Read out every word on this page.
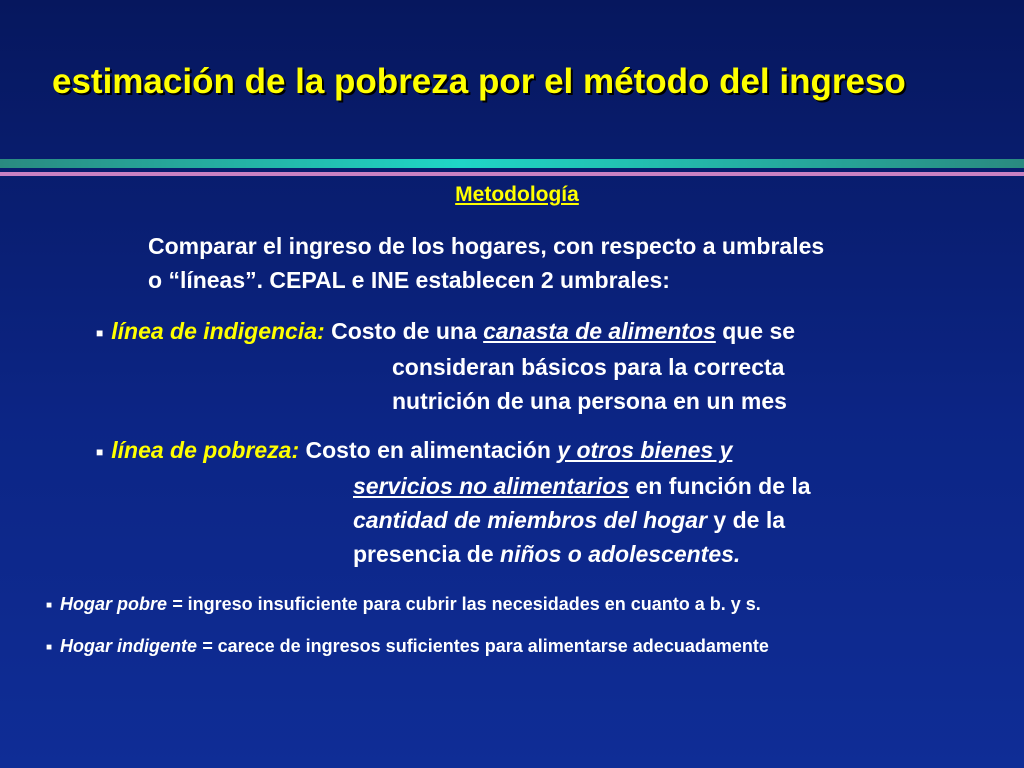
estimación de la pobreza por el método del ingreso
Metodología
Comparar el ingreso de los hogares, con respecto a umbrales
o “líneas”. CEPAL e INE establecen 2 umbrales:
■ línea de indigencia: Costo de una canasta de alimentos que se
consideran básicos para la correcta
nutrición de una persona en un mes
■ línea de pobreza: Costo en alimentación y otros bienes y
servicios no alimentarios en función de la
cantidad de miembros del hogar y de la
presencia de niños o adolescentes.
■ Hogar pobre = ingreso insuficiente para cubrir las necesidades en cuanto a b. y s.
■ Hogar indigente = carece de ingresos suficientes para alimentarse adecuadamente
